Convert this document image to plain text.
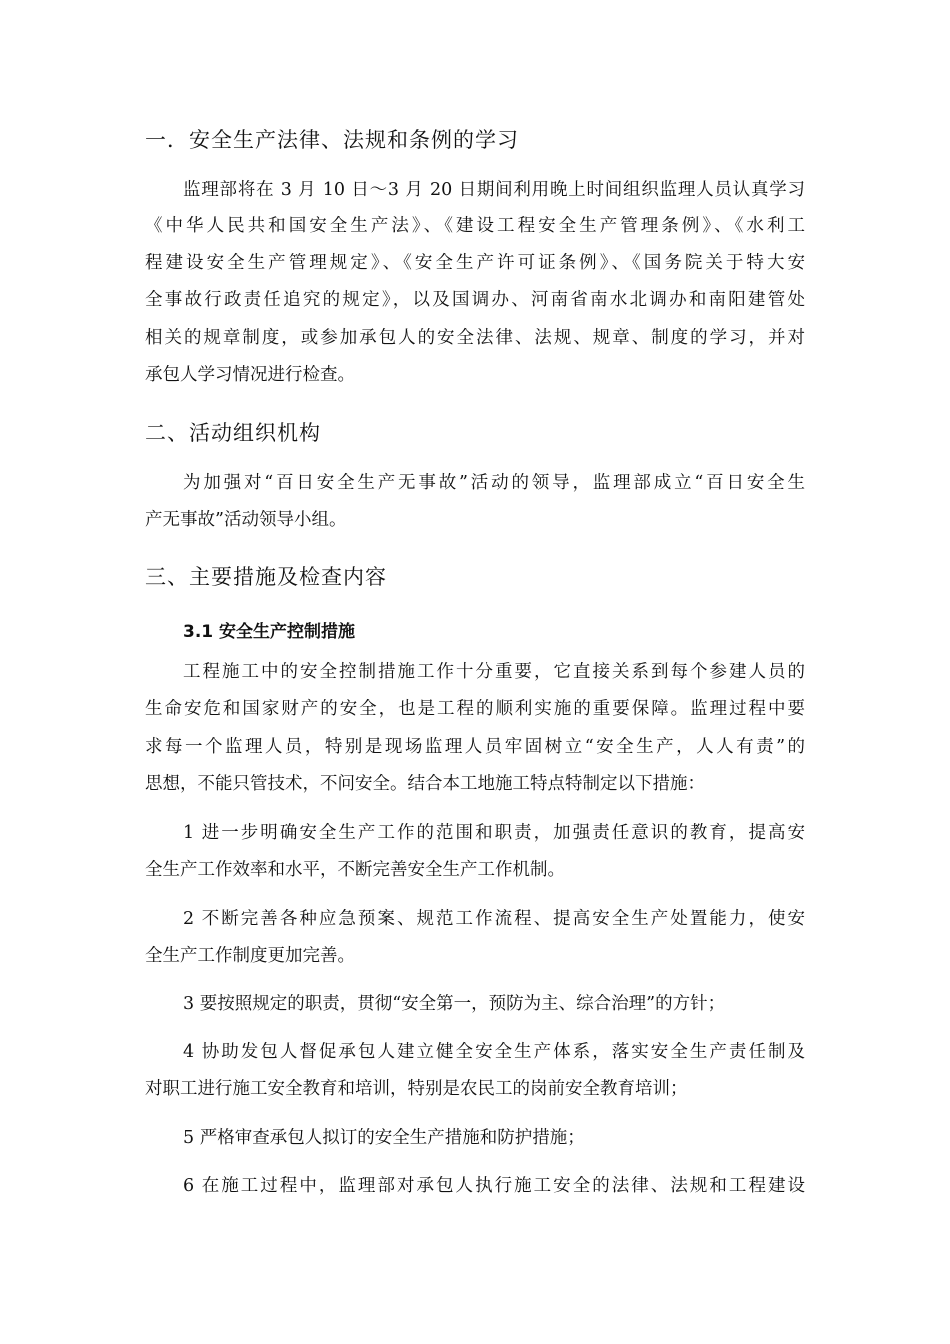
一．安全生产法律、法规和条例的学习
监理部将在 3 月 10 日～3 月 20 日期间利用晚上时间组织监理人员认真学习
《中华人民共和国安全生产法》、《建设工程安全生产管理条例》、《水利工
程建设安全生产管理规定》、《安全生产许可证条例》、《国务院关于特大安
全事故行政责任追究的规定》，以及国调办、河南省南水北调办和南阳建管处
相关的规章制度，或参加承包人的安全法律、法规、规章、制度的学习，并对
承包人学习情况进行检查。
二、活动组织机构
为加强对“百日安全生产无事故”活动的领导，监理部成立“百日安全生
产无事故”活动领导小组。
三、主要措施及检查内容
3.1 安全生产控制措施
工程施工中的安全控制措施工作十分重要，它直接关系到每个参建人员的
生命安危和国家财产的安全，也是工程的顺利实施的重要保障。监理过程中要
求每一个监理人员，特别是现场监理人员牢固树立“安全生产，人人有责”的
思想，不能只管技术，不问安全。结合本工地施工特点特制定以下措施：
1 进一步明确安全生产工作的范围和职责，加强责任意识的教育，提高安
全生产工作效率和水平，不断完善安全生产工作机制。
2 不断完善各种应急预案、规范工作流程、提高安全生产处置能力，使安
全生产工作制度更加完善。
3 要按照规定的职责，贯彻“安全第一，预防为主、综合治理”的方针；
4 协助发包人督促承包人建立健全安全生产体系，落实安全生产责任制及
对职工进行施工安全教育和培训，特别是农民工的岗前安全教育培训；
5 严格审查承包人拟订的安全生产措施和防护措施；
6 在施工过程中，监理部对承包人执行施工安全的法律、法规和工程建设
